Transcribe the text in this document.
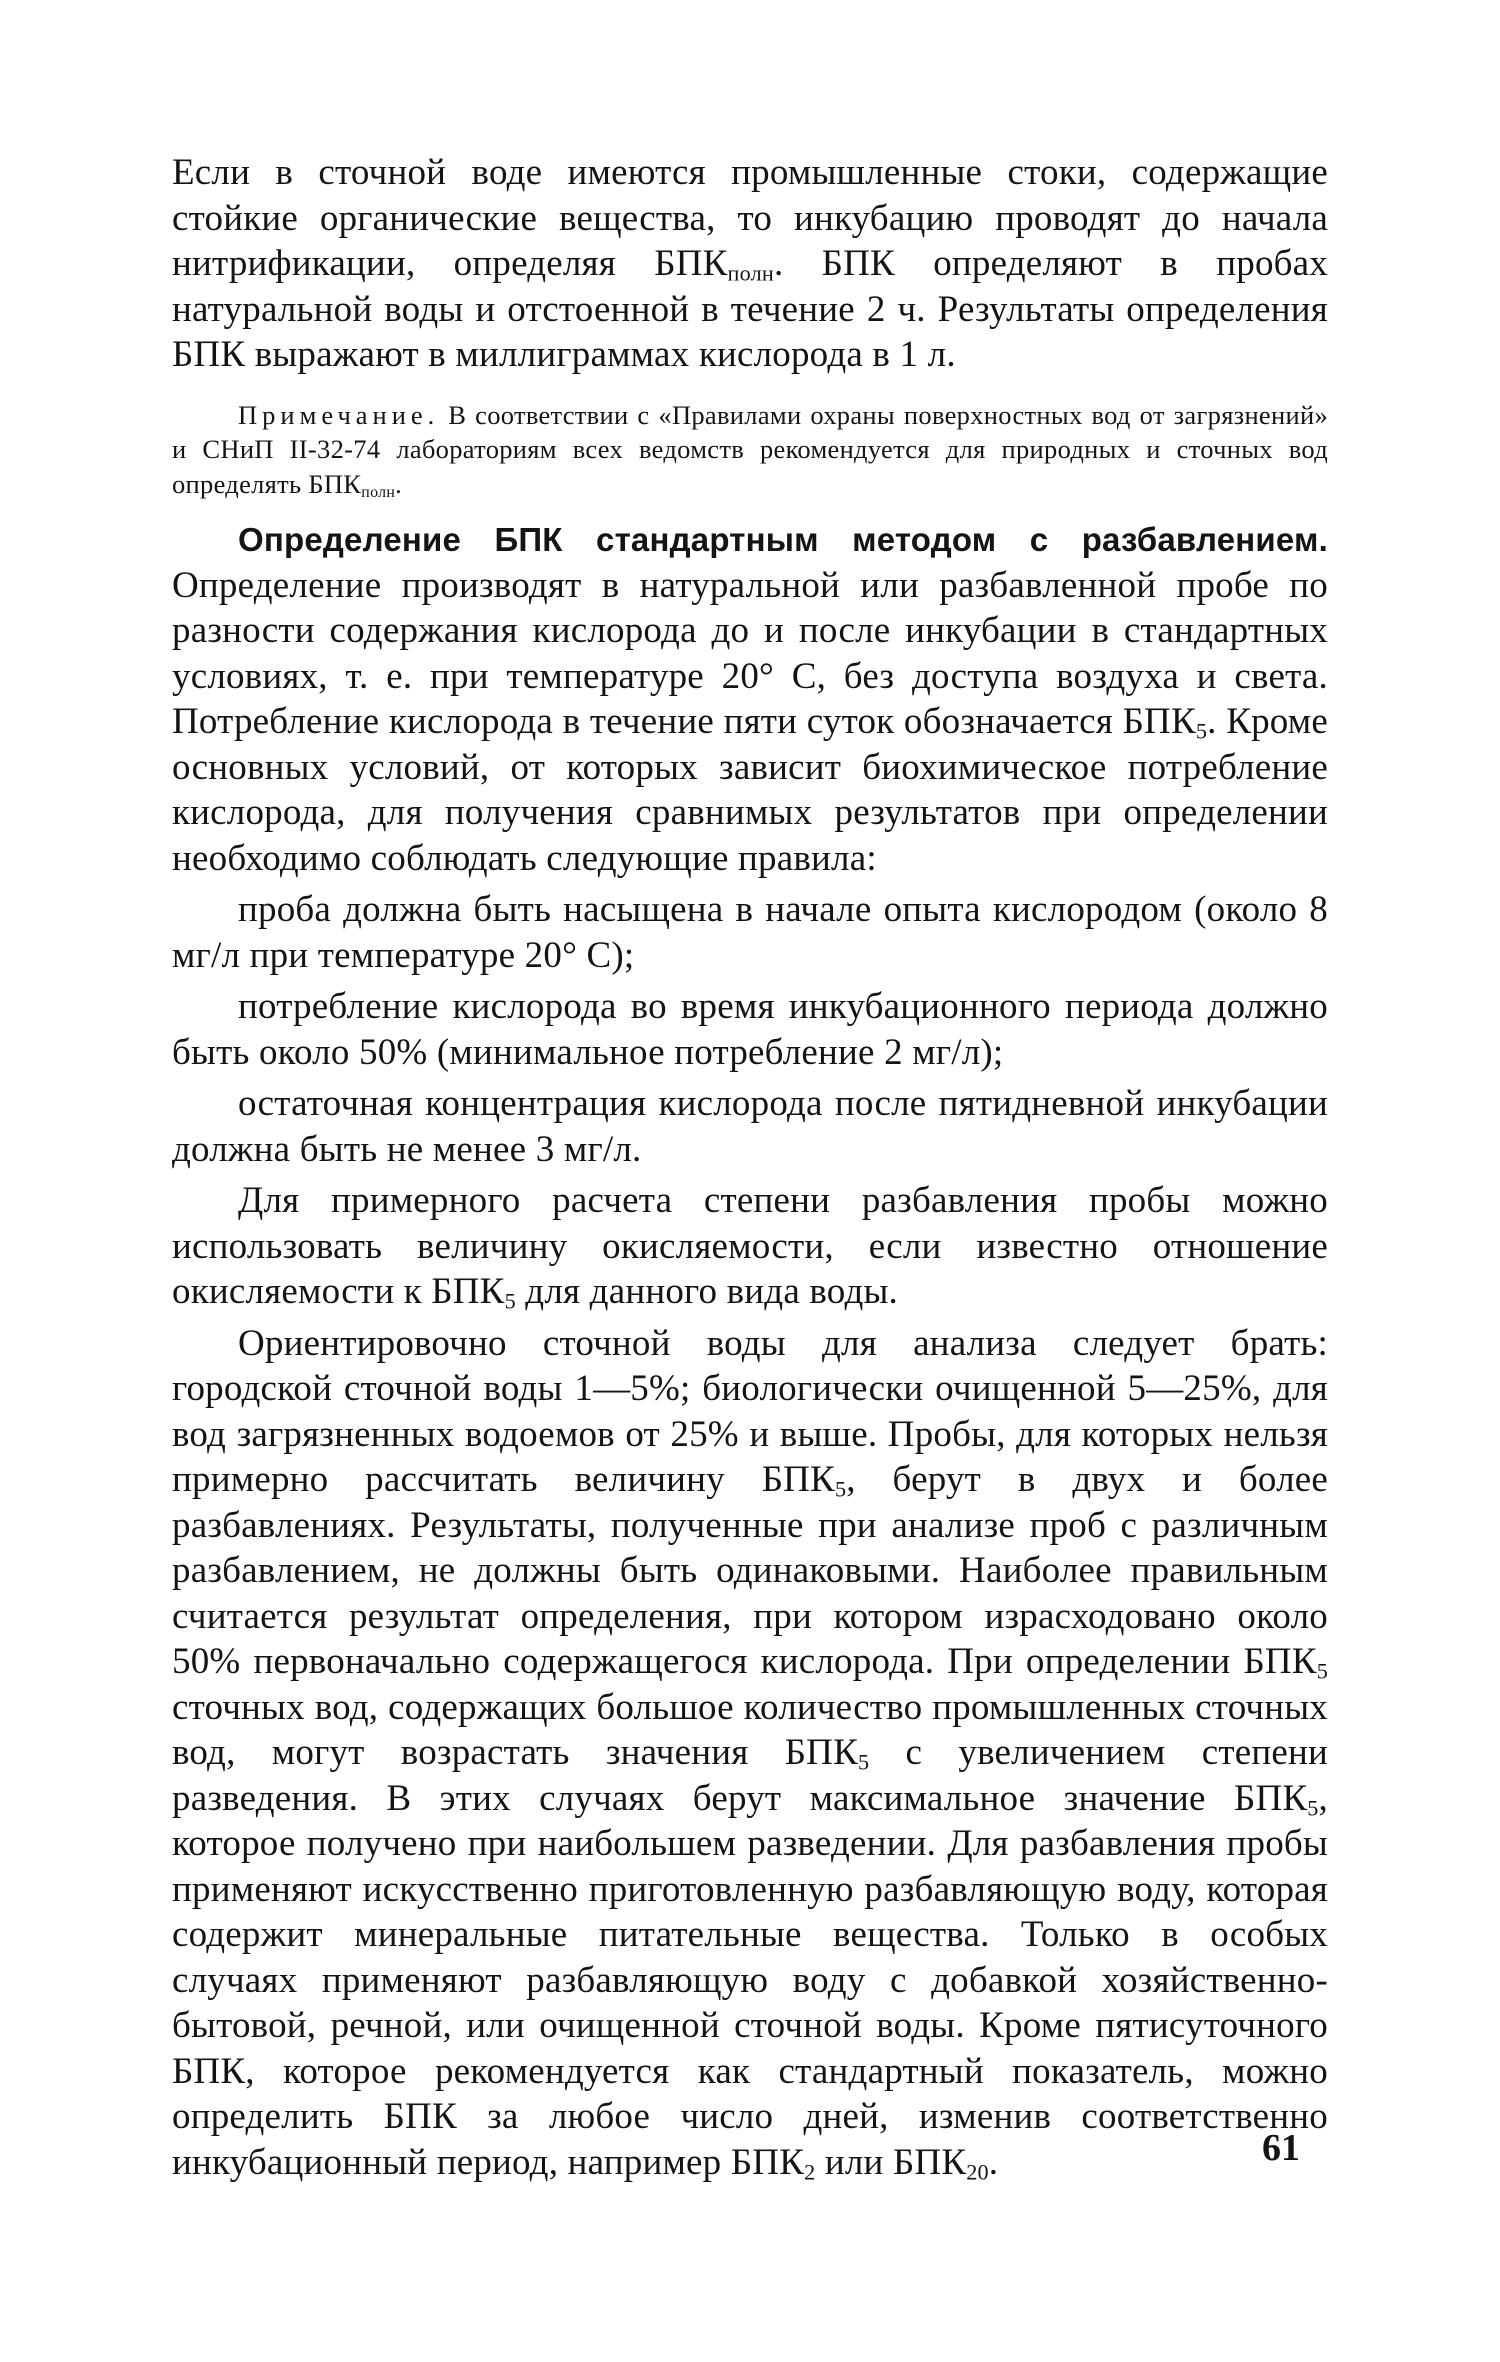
Если в сточной воде имеются промышленные стоки, содержащие стойкие органические вещества, то инкубацию проводят до начала нитрификации, определяя $БПК_{полн}$. БПК определяют в пробах натуральной воды и отстоенной в течение 2 ч. Результаты определения БПК выражают в миллиграммах кислорода в 1 л.

Примечание. В соответствии с «Правилами охраны поверхностных вод от загрязнений» и СНиП II-32-74 лабораториям всех ведомств рекомендуется для природных и сточных вод определять $БПК_{полн}$.

Определение БПК стандартным методом с разбавлением. Определение производят в натуральной или разбавленной пробе по разности содержания кислорода до и после инкубации в стандартных условиях, т. е. при температуре 20° С, без доступа воздуха и света. Потребление кислорода в течение пяти суток обозначается $БПК_5$. Кроме основных условий, от которых зависит биохимическое потребление кислорода, для получения сравнимых результатов при определении необходимо соблюдать следующие правила:

проба должна быть насыщена в начале опыта кислородом (около 8 мг/л при температуре 20° С);

потребление кислорода во время инкубационного периода должно быть около 50% (минимальное потребление 2 мг/л);

остаточная концентрация кислорода после пятидневной инкубации должна быть не менее 3 мг/л.

Для примерного расчета степени разбавления пробы можно использовать величину окисляемости, если известно отношение окисляемости к $БПК_5$ для данного вида воды.

Ориентировочно сточной воды для анализа следует брать: городской сточной воды 1—5%; биологически очищенной 5—25%, для вод загрязненных водоемов от 25% и выше. Пробы, для которых нельзя примерно рассчитать величину $БПК_5$, берут в двух и более разбавлениях. Результаты, полученные при анализе проб с различным разбавлением, не должны быть одинаковыми. Наиболее правильным считается результат определения, при котором израсходовано около 50% первоначально содержащегося кислорода. При определении $БПК_5$ сточных вод, содержащих большое количество промышленных сточных вод, могут возрастать значения $БПК_5$ с увеличением степени разведения. В этих случаях берут максимальное значение $БПК_5$, которое получено при наибольшем разведении. Для разбавления пробы применяют искусственно приготовленную разбавляющую воду, которая содержит минеральные питательные вещества. Только в особых случаях применяют разбавляющую воду с добавкой хозяйственно-бытовой, речной, или очищенной сточной воды. Кроме пятисуточного БПК, которое рекомендуется как стандартный показатель, можно определить БПК за любое число дней, изменив соответственно инкубационный период, например $БПК_2$ или $БПК_{20}$.	61
